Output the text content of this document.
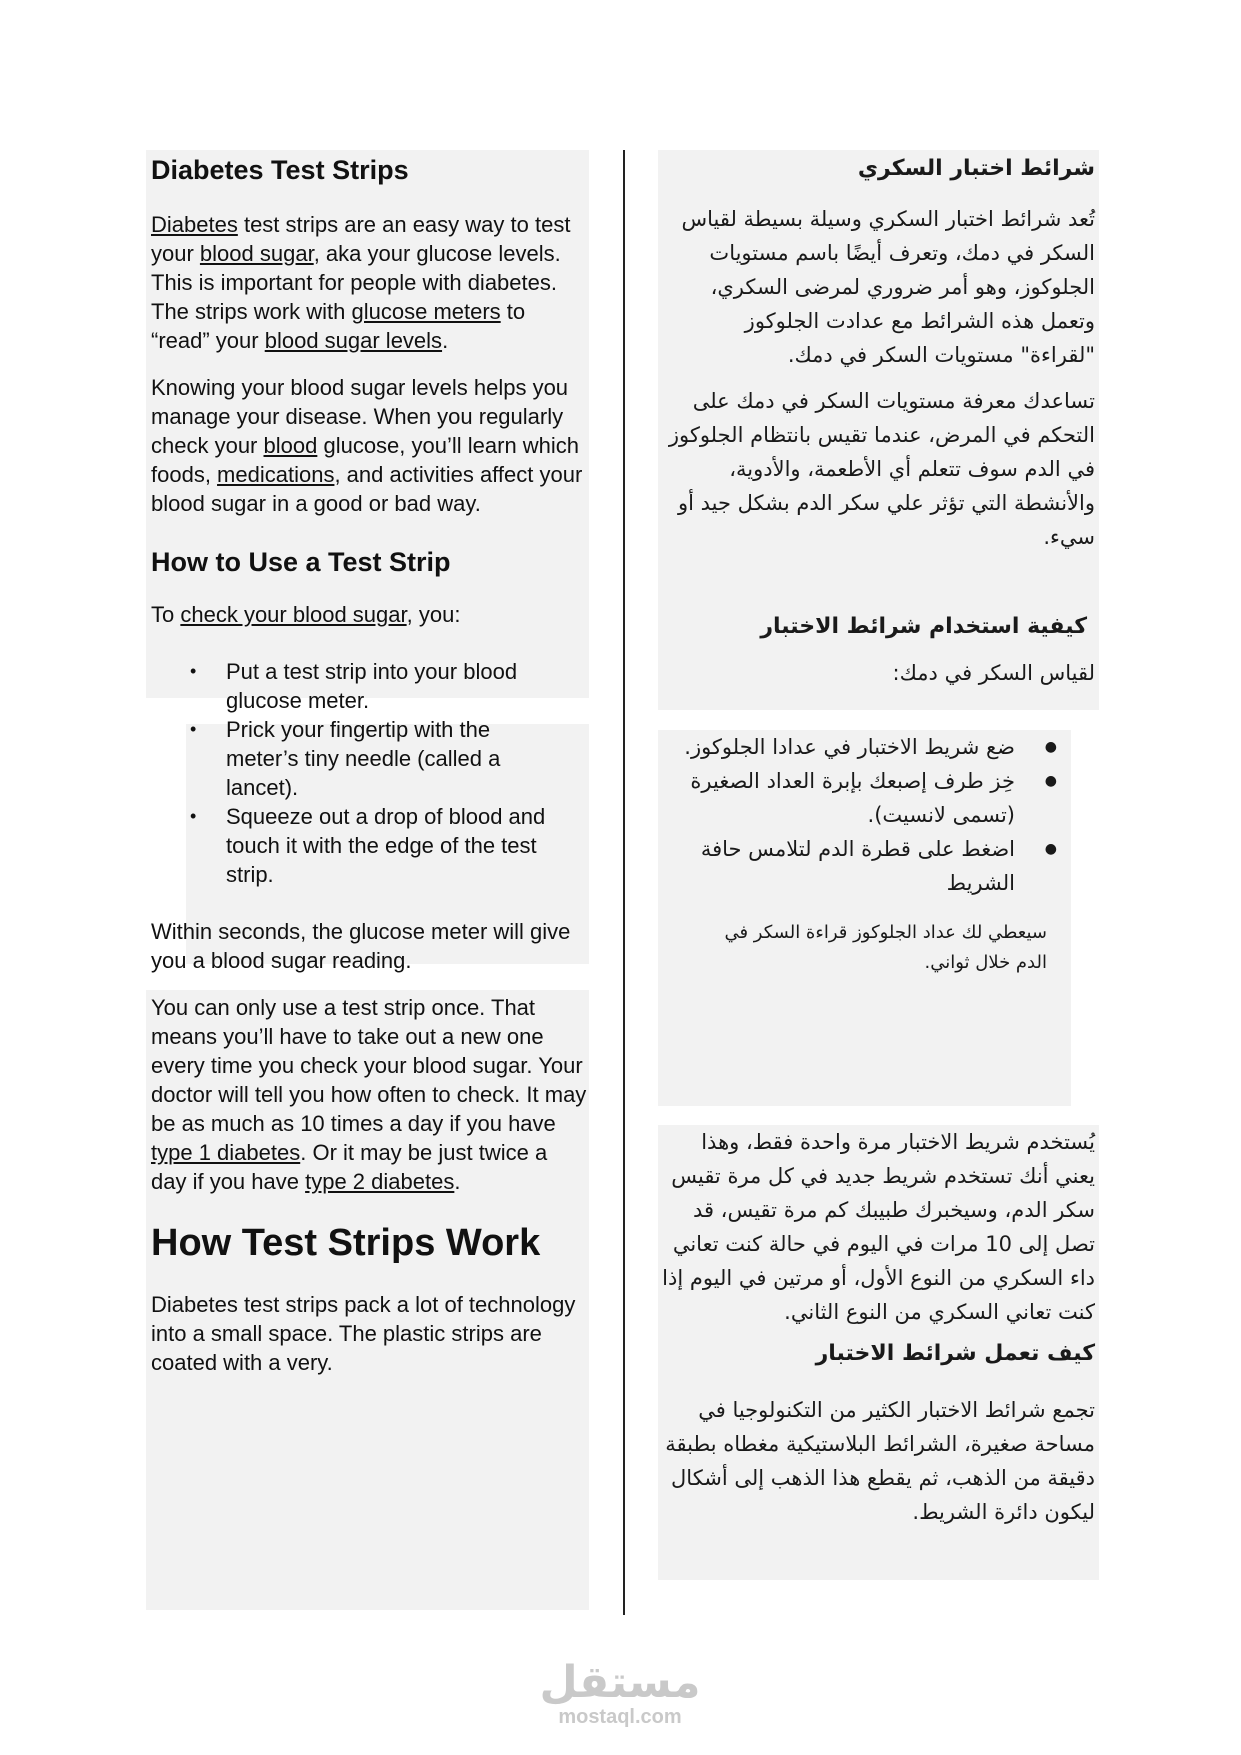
Diabetes Test Strips

Diabetes test strips are an easy way to test your blood sugar, aka your glucose levels. This is important for people with diabetes. The strips work with glucose meters to “read” your blood sugar levels.

Knowing your blood sugar levels helps you manage your disease. When you regularly check your blood glucose, you’ll learn which foods, medications, and activities affect your blood sugar in a good or bad way.

How to Use a Test Strip

To check your blood sugar, you:

• Put a test strip into your blood glucose meter.
• Prick your fingertip with the meter’s tiny needle (called a lancet).
• Squeeze out a drop of blood and touch it with the edge of the test strip.

Within seconds, the glucose meter will give you a blood sugar reading.

You can only use a test strip once. That means you’ll have to take out a new one every time you check your blood sugar. Your doctor will tell you how often to check. It may be as much as 10 times a day if you have type 1 diabetes. Or it may be just twice a day if you have type 2 diabetes.

How Test Strips Work

Diabetes test strips pack a lot of technology into a small space. The plastic strips are coated with a very.

شرائط اختبار السكري

تُعد شرائط اختبار السكري وسيلة بسيطة لقياس السكر في دمك، وتعرف أيضًا باسم مستويات الجلوكوز، وهو أمر ضروري لمرضى السكري، وتعمل هذه الشرائط مع عدادت الجلوكوز "لقراءة" مستويات السكر في دمك.

تساعدك معرفة مستويات السكر في دمك على التحكم في المرض، عندما تقيس بانتظام الجلوكوز في الدم سوف تتعلم أي الأطعمة، والأدوية، والأنشطة التي تؤثر علي سكر الدم بشكل جيد أو سيء.

كيفية استخدام شرائط الاختبار

لقياس السكر في دمك:

● ضع شريط الاختبار في عدادا الجلوكوز.
● خِز طرف إصبعك بإبرة العداد الصغيرة (تسمى لانسيت).
● اضغط على قطرة الدم لتلامس حافة الشريط

سيعطي لك عداد الجلوكوز قراءة السكر في الدم خلال ثواني.

يُستخدم شريط الاختبار مرة واحدة فقط، وهذا يعني أنك تستخدم شريط جديد في كل مرة تقيس سكر الدم، وسيخبرك طبيبك كم مرة تقيس، قد تصل إلى 10 مرات في اليوم في حالة كنت تعاني داء السكري من النوع الأول، أو مرتين في اليوم إذا كنت تعاني السكري من النوع الثاني.

كيف تعمل شرائط الاختبار

تجمع شرائط الاختبار الكثير من التكنولوجيا في مساحة صغيرة، الشرائط البلاستيكية مغطاه بطبقة دقيقة من الذهب، ثم يقطع هذا الذهب إلى أشكال ليكون دائرة الشريط.

مستقل
mostaql.com
